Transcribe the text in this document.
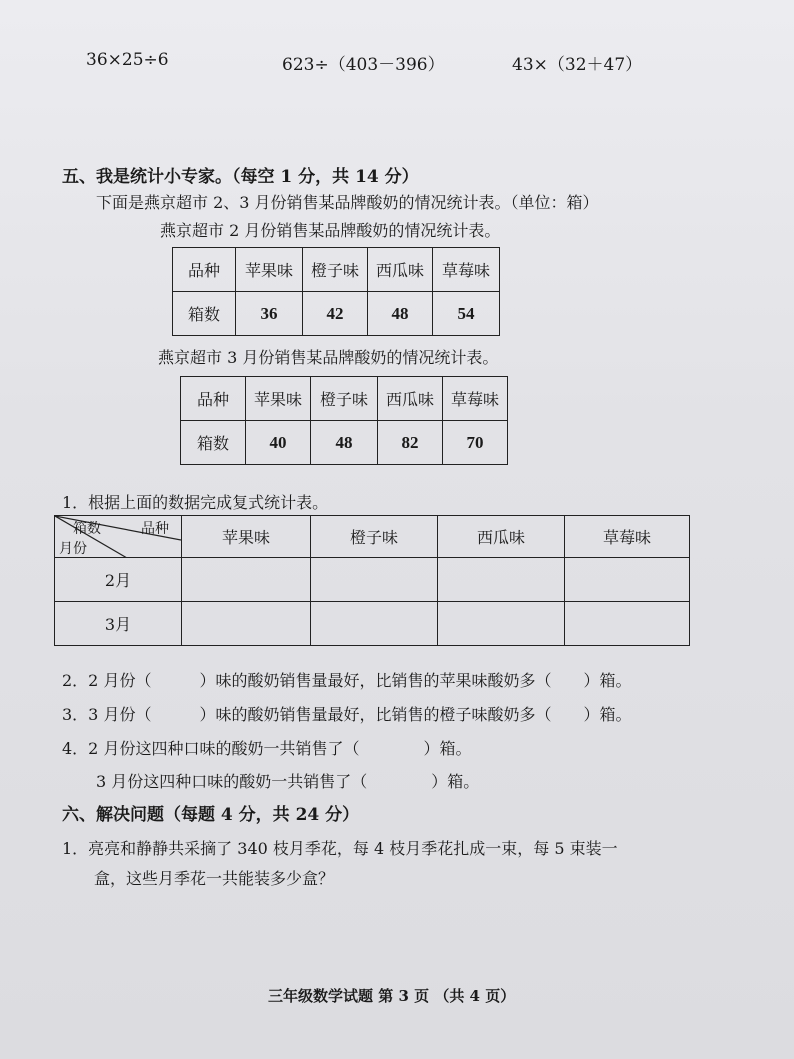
36×25÷6	623÷（403－396）	43×（32＋47）
五、我是统计小专家。（每空 1 分，共 14 分）
下面是燕京超市 2、3 月份销售某品牌酸奶的情况统计表。（单位：箱）
燕京超市 2 月份销售某品牌酸奶的情况统计表。
品种	苹果味	橙子味	西瓜味	草莓味
箱数	36	42	48	54
燕京超市 3 月份销售某品牌酸奶的情况统计表。
品种	苹果味	橙子味	西瓜味	草莓味
箱数	40	48	82	70
1．根据上面的数据完成复式统计表。
品种
箱数
月份	苹果味	橙子味	西瓜味	草莓味
2月				
3月				
2．2 月份（　　　）味的酸奶销售量最好，比销售的苹果味酸奶多（　　）箱。
3．3 月份（　　　）味的酸奶销售量最好，比销售的橙子味酸奶多（　　）箱。
4．2 月份这四种口味的酸奶一共销售了（　　　　）箱。
3 月份这四种口味的酸奶一共销售了（　　　　）箱。
六、解决问题（每题 4 分，共 24 分）
1．亮亮和静静共采摘了 340 枝月季花，每 4 枝月季花扎成一束，每 5 束装一
盒，这些月季花一共能装多少盒？
三年级数学试题 第 3 页 （共 4 页）
